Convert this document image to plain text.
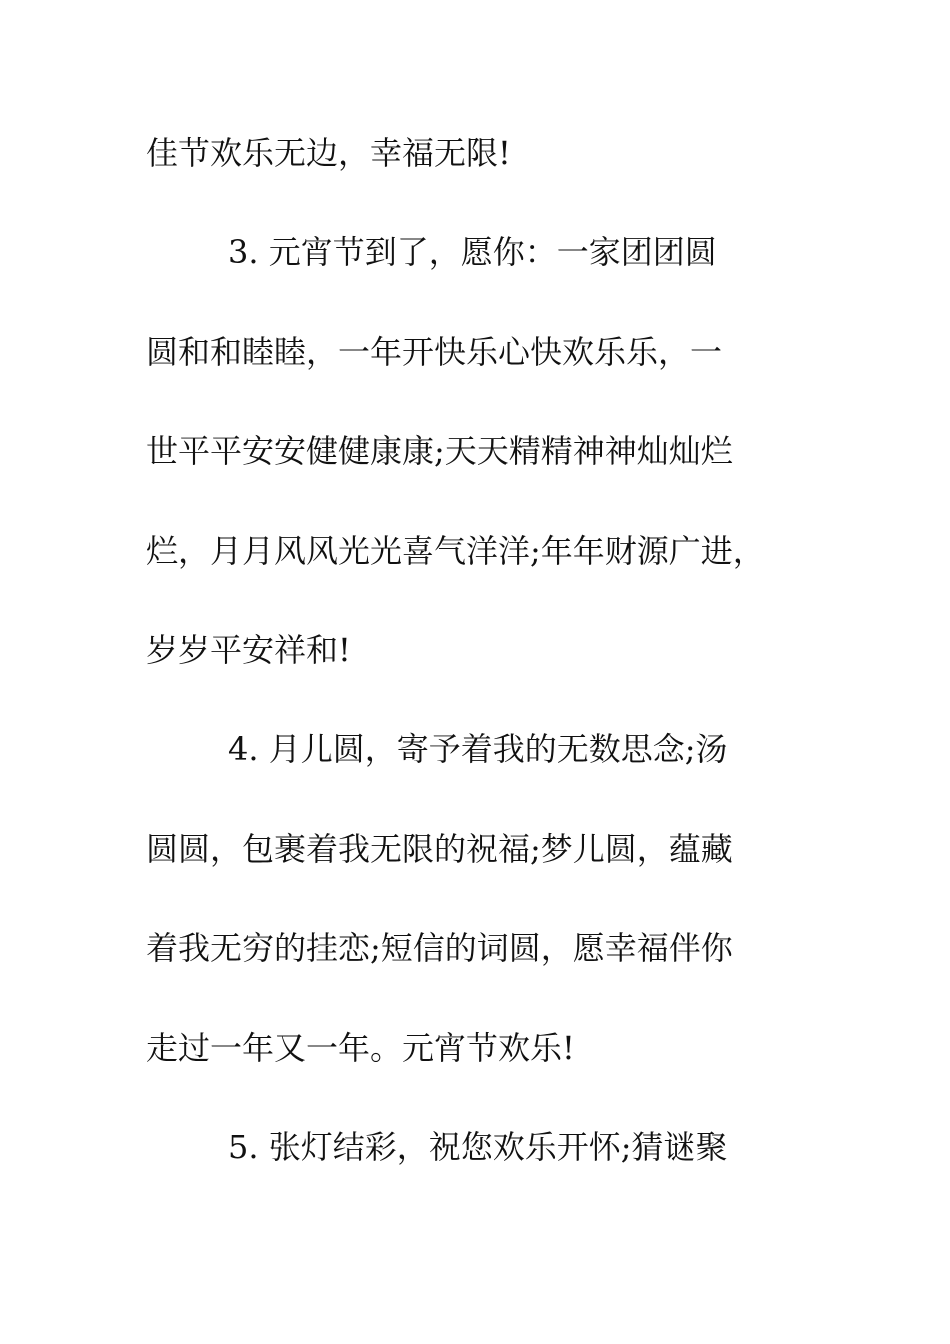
佳节欢乐无边，幸福无限!

3. 元宵节到了，愿你：一家团团圆

圆和和睦睦，一年开快乐心快欢乐乐，一

世平平安安健健康康;天天精精神神灿灿烂

烂，月月风风光光喜气洋洋;年年财源广进，

岁岁平安祥和!

4. 月儿圆，寄予着我的无数思念;汤

圆圆，包裹着我无限的祝福;梦儿圆，蕴藏

着我无穷的挂恋;短信的词圆，愿幸福伴你

走过一年又一年。元宵节欢乐!

5. 张灯结彩，祝您欢乐开怀;猜谜聚
